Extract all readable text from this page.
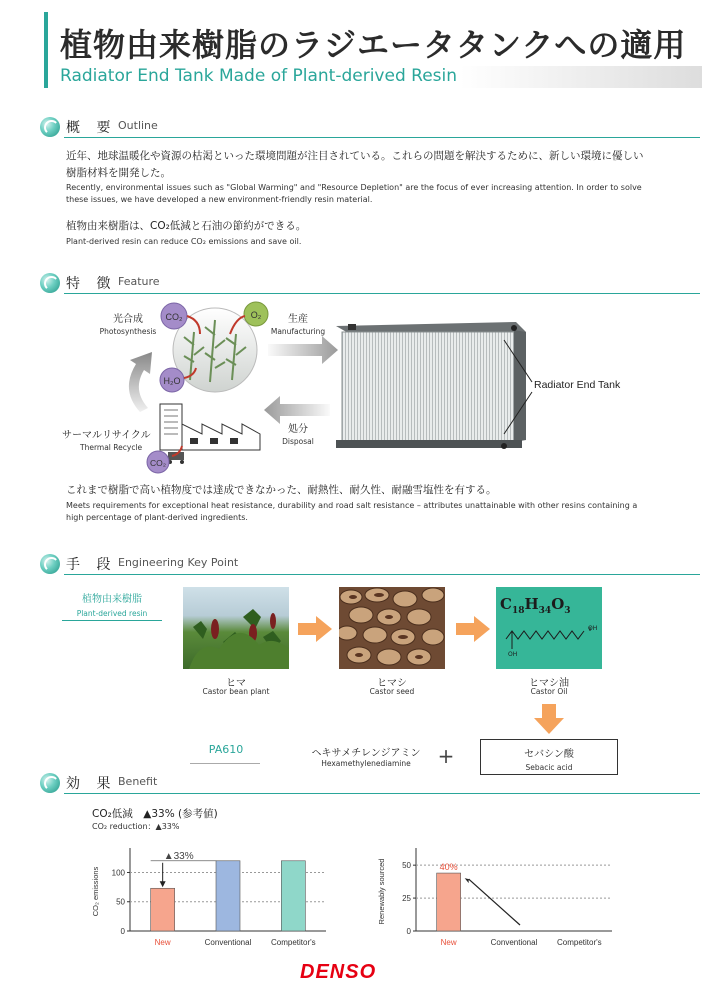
植物由来樹脂のラジエータタンクへの適用
Radiator End Tank Made of Plant-derived Resin
概 要 Outline
近年、地球温暖化や資源の枯渇といった環境問題が注目されている。これらの問題を解決するために、新しい環境に優しい樹脂材料を開発した。
Recently, environmental issues such as "Global Warming" and "Resource Depletion" are the focus of ever increasing attention. In order to solve these issues, we have developed a new environment-friendly resin material.
植物由来樹脂は、CO₂低減と石油の節約ができる。
Plant-derived resin can reduce CO₂ emissions and save oil.
特 徴 Feature
CO₂	O₂
H₂O
光合成
Photosynthesis
生産
Manufacturing
処分
Disposal
サーマルリサイクル
Thermal Recycle
CO₂
Radiator End Tank
これまで樹脂で高い植物度では達成できなかった、耐熱性、耐久性、耐融雪塩性を有する。
Meets requirements for exceptional heat resistance, durability and road salt resistance – attributes unattainable with other resins containing a high percentage of plant-derived ingredients.
手 段 Engineering Key Point
植物由来樹脂
Plant-derived resin
ヒマ
Castor bean plant
ヒマシ
Castor seed
$C_{18}H_{34}O_3$
OH
OH
ヒマシ油
Castor Oil
PA610	ヘキサメチレンジアミン
Hexamethylenediamine	+	セバシン酸
Sebacic acid
効 果 Benefit
CO₂低減　▲33% (参考値)
CO₂ reduction：▲33%
0
50
100
CO₂ emissions
New	Conventional Competitor's
▲33%
0
25
50
Renewably sourced
New	Conventional Competitor's
40%
DENSO
